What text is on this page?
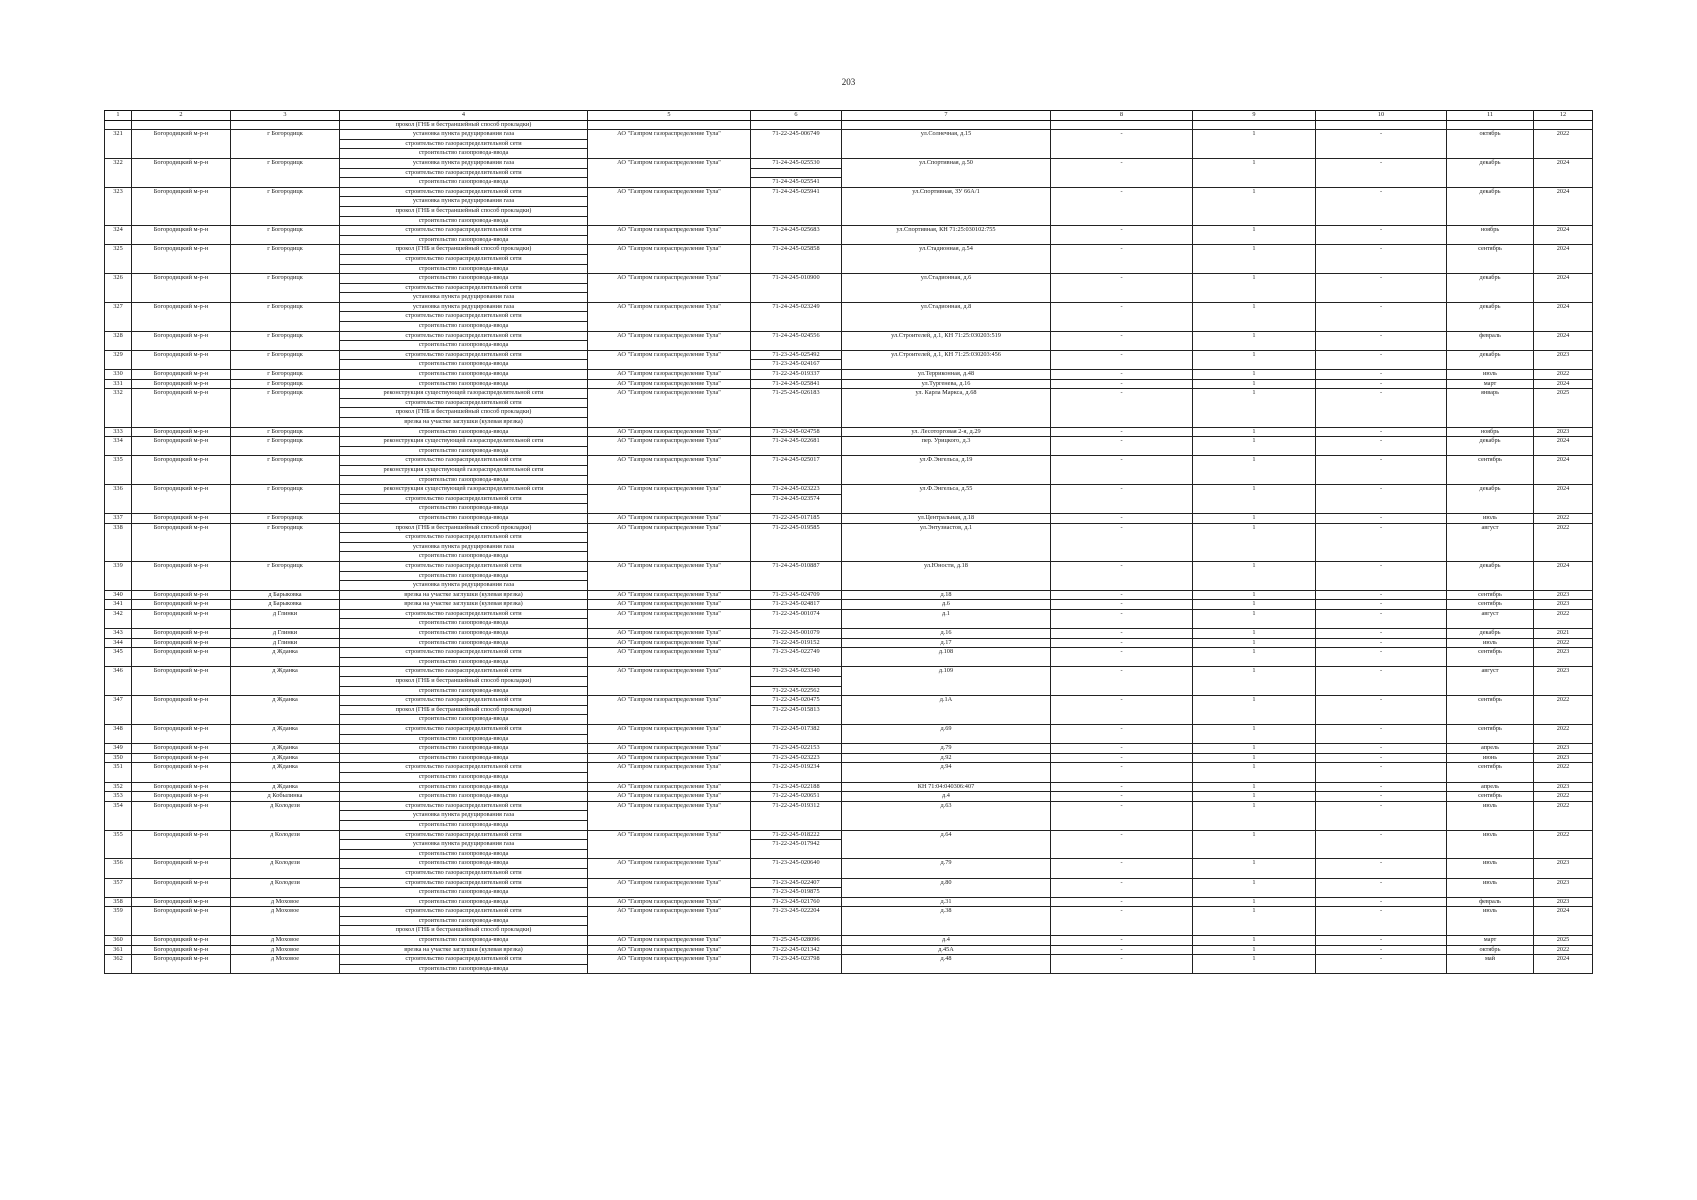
203
1	2	3	4	5	6	7	8	9	10	11	12
			прокол (ГНБ и бестраншейный способ прокладки)								
321	Богородицкий м-р-н	г Богородицк	установка пункта редуцирования газа
строительство газораспределительной сети
строительство газопровода-ввода	АО "Газпром газораспределение Тула"	71-22-245-006749	ул.Солнечная, д.15	-	1	-	октябрь	2022
322	Богородицкий м-р-н	г Богородицк	установка пункта редуцирования газа
строительство газораспределительной сети
строительство газопровода-ввода	АО "Газпром газораспределение Тула"	71-24-245-025530
71-24-245-025541	ул.Спортивная, д.50	-	1	-	декабрь	2024
323	Богородицкий м-р-н	г Богородицк	строительство газораспределительной сети
установка пункта редуцирования газа
прокол (ГНБ и бестраншейный способ прокладки)
строительство газопровода-ввода	АО "Газпром газораспределение Тула"	71-24-245-025941	ул.Спортивная, ЗУ 66А/1	-	1	-	декабрь	2024
324	Богородицкий м-р-н	г Богородицк	строительство газораспределительной сети
строительство газопровода-ввода	АО "Газпром газораспределение Тула"	71-24-245-025683	ул.Спортивная, КН 71:25:030102:755	-	1	-	ноябрь	2024
325	Богородицкий м-р-н	г Богородицк	прокол (ГНБ и бестраншейный способ прокладки)
строительство газораспределительной сети
строительство газопровода-ввода	АО "Газпром газораспределение Тула"	71-24-245-025858	ул.Стадионная, д.54	-	1	-	сентябрь	2024
326	Богородицкий м-р-н	г Богородицк	строительство газопровода-ввода
строительство газораспределительной сети
установка пункта редуцирования газа	АО "Газпром газораспределение Тула"	71-24-245-010900	ул.Стадионная, д.6	-	1	-	декабрь	2024
327	Богородицкий м-р-н	г Богородицк	установка пункта редуцирования газа
строительство газораспределительной сети
строительство газопровода-ввода	АО "Газпром газораспределение Тула"	71-24-245-023249	ул.Стадионная, д.8	-	1	-	декабрь	2024
328	Богородицкий м-р-н	г Богородицк	строительство газораспределительной сети
строительство газопровода-ввода	АО "Газпром газораспределение Тула"	71-24-245-024556	ул.Строителей, д.1, КН 71:25:030203:519	-	1	-	февраль	2024
329	Богородицкий м-р-н	г Богородицк	строительство газораспределительной сети
строительство газопровода-ввода	АО "Газпром газораспределение Тула"	71-23-245-025492
71-23-245-024167	ул.Строителей, д.1, КН 71:25:030203:456	-	1	-	декабрь	2023
330	Богородицкий м-р-н	г Богородицк	строительство газопровода-ввода	АО "Газпром газораспределение Тула"	71-22-245-019337	ул.Терриконная, д.48	-	1	-	июль	2022
331	Богородицкий м-р-н	г Богородицк	строительство газопровода-ввода	АО "Газпром газораспределение Тула"	71-24-245-025841	ул.Тургенева, д.16	-	1	-	март	2024
332	Богородицкий м-р-н	г Богородицк	реконструкция существующей газораспределительной сети
строительство газораспределительной сети
прокол (ГНБ и бестраншейный способ прокладки)
врезка на участке заглушки (кулевая врезка)	АО "Газпром газораспределение Тула"	71-25-245-026183	ул. Карла Маркса, д.68	-	1	-	январь	2025
333	Богородицкий м-р-н	г Богородицк	строительство газопровода-ввода	АО "Газпром газораспределение Тула"	71-23-245-024758	ул. Лесоторговая 2-я, д.29	-	1	-	ноябрь	2023
334	Богородицкий м-р-н	г Богородицк	реконструкция существующей газораспределительной сети
строительство газопровода-ввода	АО "Газпром газораспределение Тула"	71-24-245-022681	пер. Урицкого, д.3	-	1	-	декабрь	2024
335	Богородицкий м-р-н	г Богородицк	строительство газораспределительной сети
реконструкция существующей газораспределительной сети
строительство газопровода-ввода	АО "Газпром газораспределение Тула"	71-24-245-025017	ул.Ф.Энгельса, д.19	-	1	-	сентябрь	2024
336	Богородицкий м-р-н	г Богородицк	реконструкция существующей газораспределительной сети
строительство газораспределительной сети
строительство газопровода-ввода	АО "Газпром газораспределение Тула"	71-24-245-023223
71-24-245-023574	ул.Ф.Энгельса, д.55	-	1	-	декабрь	2024
337	Богородицкий м-р-н	г Богородицк	строительство газопровода-ввода	АО "Газпром газораспределение Тула"	71-22-245-017185	ул.Центральная, д.18	-	1	-	июль	2022
338	Богородицкий м-р-н	г Богородицк	прокол (ГНБ и бестраншейный способ прокладки)
строительство газораспределительной сети
установка пункта редуцирования газа
строительство газопровода-ввода	АО "Газпром газораспределение Тула"	71-22-245-019585	ул.Энтузиастов, д.1	-	1	-	август	2022
339	Богородицкий м-р-н	г Богородицк	строительство газораспределительной сети
строительство газопровода-ввода
установка пункта редуцирования газа	АО "Газпром газораспределение Тула"	71-24-245-010887	ул.Юности, д.18	-	1	-	декабрь	2024
340	Богородицкий м-р-н	д Барыковка	врезка на участке заглушки (кулевая врезка)	АО "Газпром газораспределение Тула"	71-23-245-024709	д.18	-	1	-	сентябрь	2023
341	Богородицкий м-р-н	д Барыковка	врезка на участке заглушки (кулевая врезка)	АО "Газпром газораспределение Тула"	71-23-245-024817	д.6	-	1	-	сентябрь	2023
342	Богородицкий м-р-н	д Глинки	строительство газораспределительной сети
строительство газопровода-ввода	АО "Газпром газораспределение Тула"	71-22-245-001074	д.1	-	1	-	август	2022
343	Богородицкий м-р-н	д Глинки	строительство газопровода-ввода	АО "Газпром газораспределение Тула"	71-22-245-001079	д.16	-	1	-	декабрь	2021
344	Богородицкий м-р-н	д Глинки	строительство газопровода-ввода	АО "Газпром газораспределение Тула"	71-22-245-019152	д.17	-	1	-	июль	2022
345	Богородицкий м-р-н	д Жданка	строительство газораспределительной сети
строительство газопровода-ввода	АО "Газпром газораспределение Тула"	71-23-245-022749	д.108	-	1	-	сентябрь	2023
346	Богородицкий м-р-н	д Жданка	строительство газораспределительной сети
прокол (ГНБ и бестраншейный способ прокладки)
строительство газопровода-ввода	АО "Газпром газораспределение Тула"	71-23-245-023340
71-22-245-022562	д.109	-	1	-	август	2023
347	Богородицкий м-р-н	д Жданка	строительство газораспределительной сети
прокол (ГНБ и бестраншейный способ прокладки)
строительство газопровода-ввода	АО "Газпром газораспределение Тула"	71-22-245-020475
71-22-245-015813	д.1А	-	1	-	сентябрь	2022
348	Богородицкий м-р-н	д Жданка	строительство газораспределительной сети
строительство газопровода-ввода	АО "Газпром газораспределение Тула"	71-22-245-017382	д.69	-	1	-	сентябрь	2022
349	Богородицкий м-р-н	д Жданка	строительство газопровода-ввода	АО "Газпром газораспределение Тула"	71-23-245-022153	д.79	-	1	-	апрель	2023
350	Богородицкий м-р-н	д Жданка	строительство газопровода-ввода	АО "Газпром газораспределение Тула"	71-23-245-023223	д.92	-	1	-	июнь	2023
351	Богородицкий м-р-н	д Жданка	строительство газораспределительной сети
строительство газопровода-ввода	АО "Газпром газораспределение Тула"	71-22-245-019234	д.94	-	1	-	сентябрь	2022
352	Богородицкий м-р-н	д Жданка	строительство газопровода-ввода	АО "Газпром газораспределение Тула"	71-23-245-022188	КН 71:04:040306:407	-	1	-	апрель	2023
353	Богородицкий м-р-н	д Кобылинка	строительство газопровода-ввода	АО "Газпром газораспределение Тула"	71-22-245-020651	д.4	-	1	-	сентябрь	2022
354	Богородицкий м-р-н	д Колодези	строительство газораспределительной сети
установка пункта редуцирования газа
строительство газопровода-ввода	АО "Газпром газораспределение Тула"	71-22-245-019312	д.63	-	1	-	июль	2022
355	Богородицкий м-р-н	д Колодези	строительство газораспределительной сети
установка пункта редуцирования газа
строительство газопровода-ввода	АО "Газпром газораспределение Тула"	71-22-245-018222
71-22-245-017942	д.64	-	1	-	июль	2022
356	Богородицкий м-р-н	д Колодези	строительство газопровода-ввода
строительство газораспределительной сети	АО "Газпром газораспределение Тула"	71-23-245-020640	д.79	-	1	-	июль	2023
357	Богородицкий м-р-н	д Колодези	строительство газораспределительной сети
строительство газопровода-ввода	АО "Газпром газораспределение Тула"	71-23-245-022407
71-23-245-019875	д.80	-	1	-	июль	2023
358	Богородицкий м-р-н	д Моховое	строительство газопровода-ввода	АО "Газпром газораспределение Тула"	71-23-245-021760	д.31	-	1	-	февраль	2023
359	Богородицкий м-р-н	д Моховое	строительство газораспределительной сети
строительство газопровода-ввода
прокол (ГНБ и бестраншейный способ прокладки)	АО "Газпром газораспределение Тула"	71-23-245-022204	д.38	-	1	-	июль	2024
360	Богородицкий м-р-н	д Моховое	строительство газопровода-ввода	АО "Газпром газораспределение Тула"	71-25-245-028096	д.4	-	1	-	март	2025
361	Богородицкий м-р-н	д Моховое	врезка на участке заглушки (кулевая врезка)	АО "Газпром газораспределение Тула"	71-22-245-021342	д.45А	-	1	-	октябрь	2022
362	Богородицкий м-р-н	д Моховое	строительство газораспределительной сети
строительство газопровода-ввода	АО "Газпром газораспределение Тула"	71-23-245-023798	д.48	-	1	-	май	2024
